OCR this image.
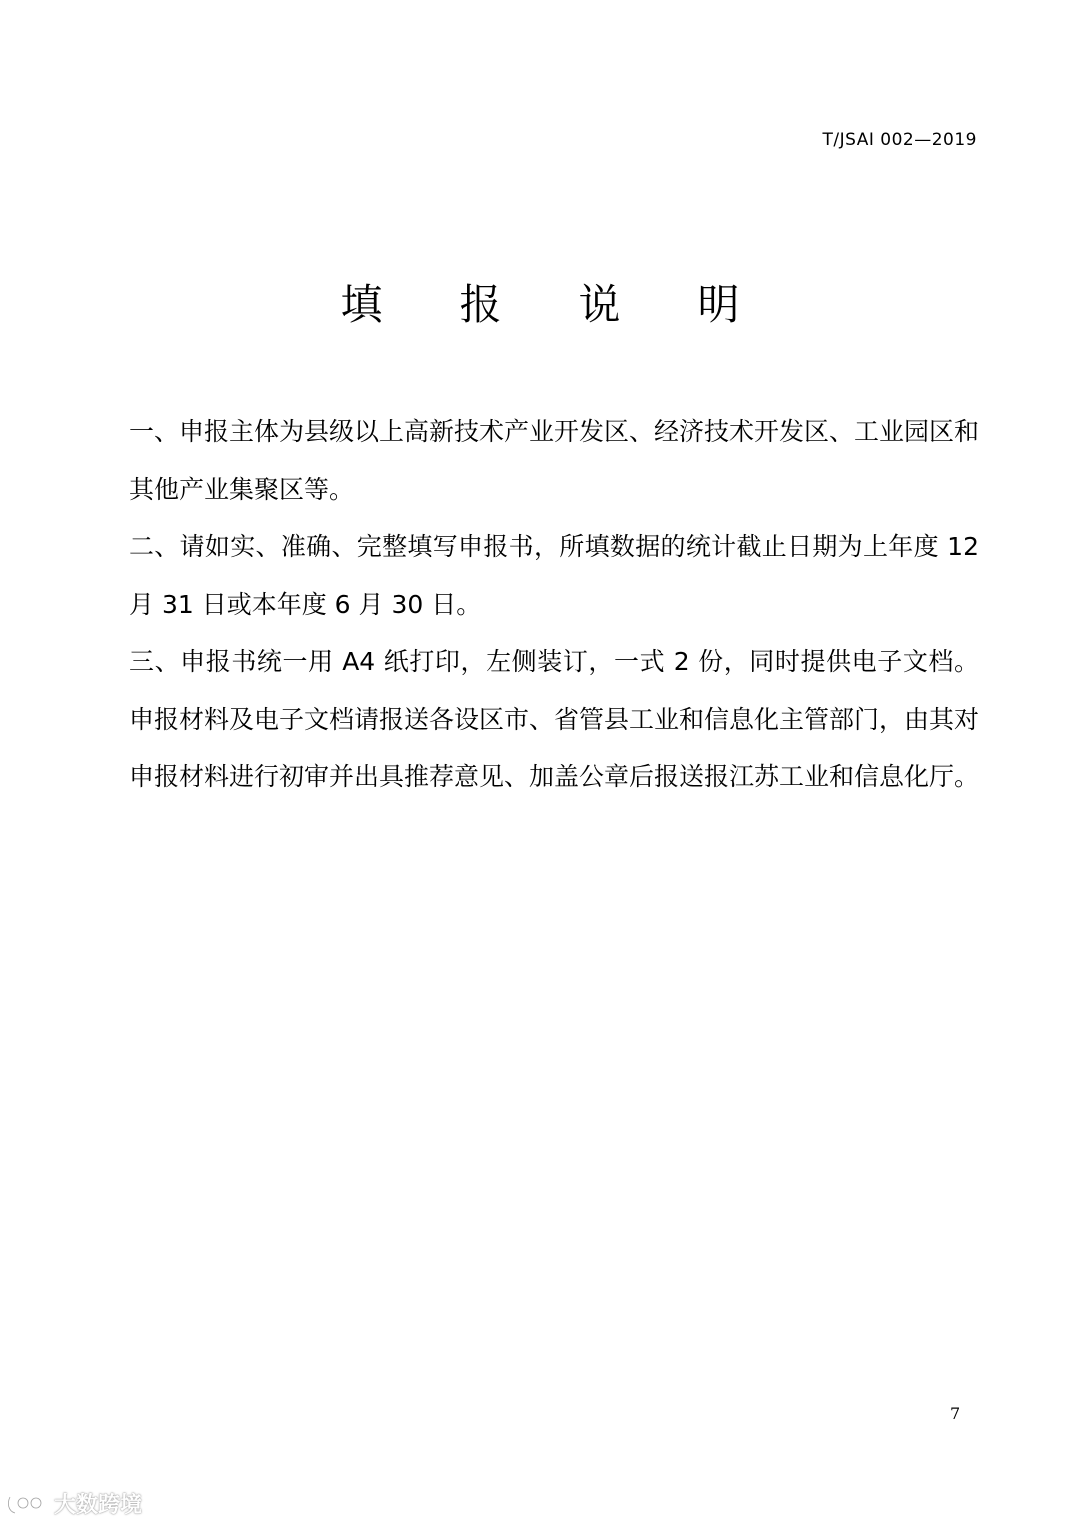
T/JSAI 002—2019
填报说明

一、申报主体为县级以上高新技术产业开发区、经济技术开发区、工业园区和其他产业集聚区等。

二、请如实、准确、完整填写申报书，所填数据的统计截止日期为上年度 12 月 31 日或本年度 6 月 30 日。

三、申报书统一用 A4 纸打印，左侧装订，一式 2 份，同时提供电子文档。申报材料及电子文档请报送各设区市、省管县工业和信息化主管部门，由其对申报材料进行初审并出具推荐意见、加盖公章后报送报江苏工业和信息化厅。

7
大数跨境
